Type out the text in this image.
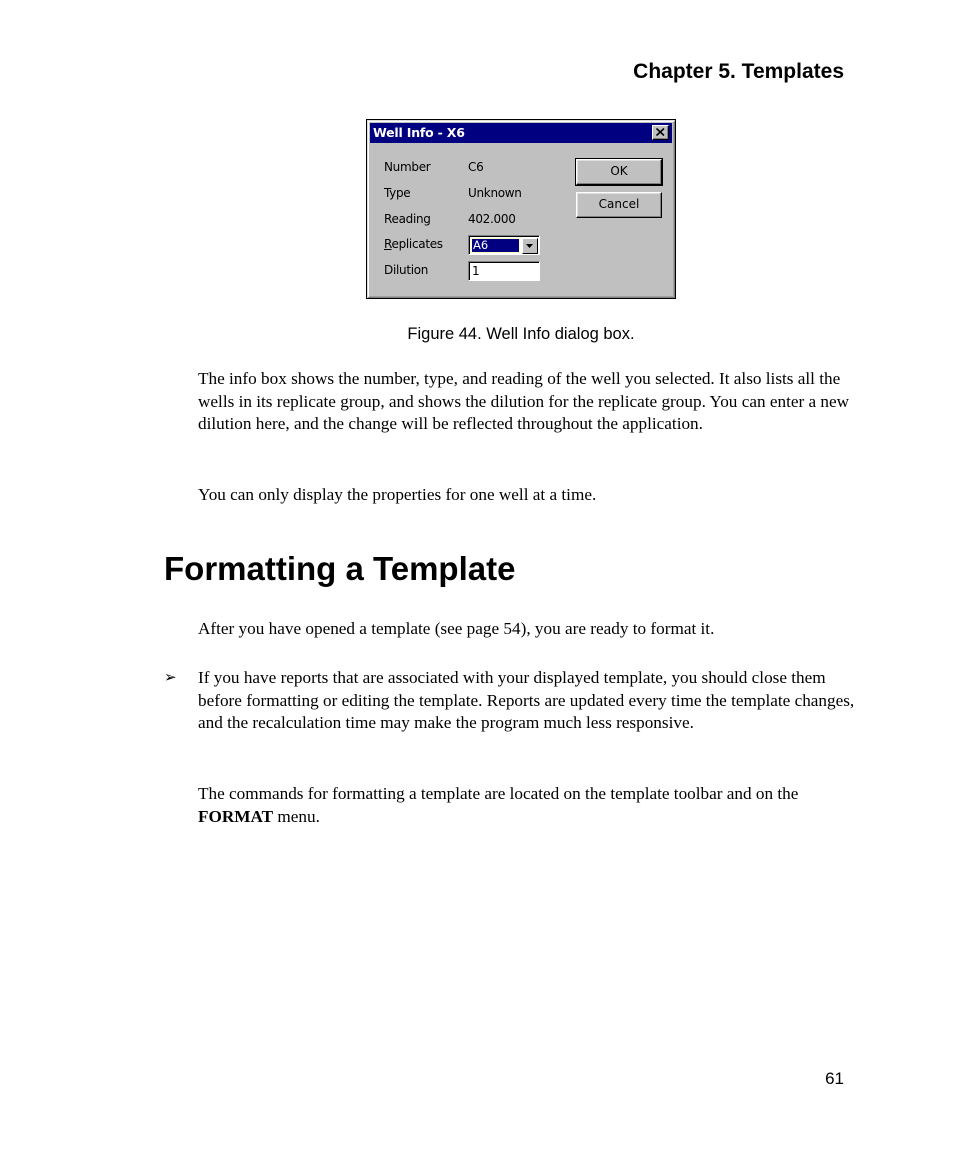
Chapter 5. Templates
Well Info - X6
Number	C6
Type	Unknown
Reading	402.000
Replicates	A6
Dilution	1
OK
Cancel
Figure 44. Well Info dialog box.

The info box shows the number, type, and reading of the well you selected. It also lists all the wells in its replicate group, and shows the dilution for the replicate group. You can enter a new dilution here, and the change will be reflected throughout the application.

You can only display the properties for one well at a time.

Formatting a Template

After you have opened a template (see page 54), you are ready to format it.

➢ If you have reports that are associated with your displayed template, you should close them before formatting or editing the template. Reports are updated every time the template changes, and the recalculation time may make the program much less responsive.

The commands for formatting a template are located on the template toolbar and on the FORMAT menu.

61
